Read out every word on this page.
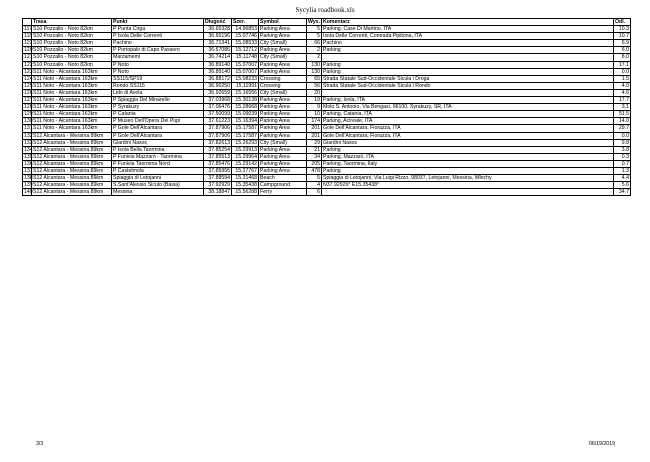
Sycylia roadbook.xls
	Trasa	Punkt	Długość	Szer.	Symbol	Wys.	Komentarz	Odl.
117	S10 Pozzallo - Noto 82km	P Punta Cirga	36.65328	14.96853	Parking Area	5	Parking, Case Di Martino, ITA	10.3
118	S10 Pozzallo - Noto 82km	P Isola Delle Correnti	36.65196	15.07746	Parking Area	5	Isola Delle Correnti, Contrada Pipitona, ITA	10.7
119	S10 Pozzallo - Noto 82km	Pachino	36.71341	15.08533	City (Small)	66	Pachino	6.9
120	S10 Pozzallo - Noto 82km	P Portopalo di Capo Passero	36.67086	15.12712	Parking Area	2	Parking	6.0
121	S10 Pozzallo - Noto 82km	Marzamemi	36.74214	15.11748	City (Small)	2		8.0
122	S10 Pozzallo - Noto 82km	P Noto	36.89140	15.07007	Parking Area	130	Parking	17.1
123	S11 Noto - Alcantara 163km	P Noto	36.89140	15.07007	Parking Area	130	Parking	0.0
124	S11 Noto - Alcantara 163km	SS115/SP19	36.88172	15.08233	Crossing	65	Strada Statale Sud-Occidentale Sicula i Droga	1.5
125	S11 Noto - Alcantara 163km	Rondo SS115	36.90250	15.11991	Crossing	56	Strada Statale Sud-Occidentale Sicula i Rondo	4.0
126	S11 Noto - Alcantara 163km	Lido di Avola	36.92659	15.16556	City (Small)	20		4.6
127	S11 Noto - Alcantara 163km	P Spiaggia Del Minarello	37.03968	15.30138	Parking Area	19	Parking, Isola, ITA	17.7
128	S11 Noto - Alcantara 163km	P Syrakuzy	37.06476	15.28668	Parking Area	9	Molo S. Antonio, Via Bengasi, 96100, Syrakuzy, SR, ITA	3.1
129	S11 Noto - Alcantara 163km	P Catania	37.50099	15.09039	Parking Area	10	Parking, Catania, ITA	51.5
130	S11 Noto - Alcantara 163km	P Museo Dell'Opera Dei Pupi	37.61223	15.16394	Parking Area	174	Parking, Acireale, ITA	14.0
131	S11 Noto - Alcantara 163km	P Gole Dell'Alcantara	37.87906	15.17587	Parking Area	201	Gole Dell'Alcantara, Fiorazza, ITA	29.7
132	S12 Alcantara - Messina 89km	P Gole Dell'Alcantara	37.87906	15.17587	Parking Area	201	Gole Dell'Alcantara, Fiorazza, ITA	0.0
133	S12 Alcantara - Messina 89km	Giardini Naxos	37.82613	15.26293	City (Small)	29	Giardini Naxos	9.8
134	S12 Alcantara - Messina 89km	P Isola Bella Taormina	37.85254	15.29913	Parking Area	21	Parking	3.8
135	S12 Alcantara - Messina 89km	P Funivia Mazzarò - Taormina	37.85513	15.29964	Parking Area	34	Parking, Mazzarò, ITA	0.3
136	S12 Alcantara - Messina 89km	P Funivia Taormina Nord	37.85476	15.29142	Parking Area	205	Parking, Taormina, Italy	0.7
137	S12 Alcantara - Messina 89km	P Castelmola	37.85955	15.27767	Parking Area	478	Parking	1.3
138	S12 Alcantara - Messina 89km	Spiaggia di Letojanni	37.88594	15.31468	Beach	5	Spiaggia di Letojanni, Via Luigi Rizzo, 98037, Letojanni, Messina, Włochy	4.4
139	S12 Alcantara - Messina 89km	S.Sant'Alessio Siculo (Basia)	37.92929	15.35438	Campground	4	N37.92929° E15.35438°	5.6
140	S12 Alcantara - Messina 89km	Messina	38.18847	15.56288	Ferry	6		34.7
3/3	06/19/2019
